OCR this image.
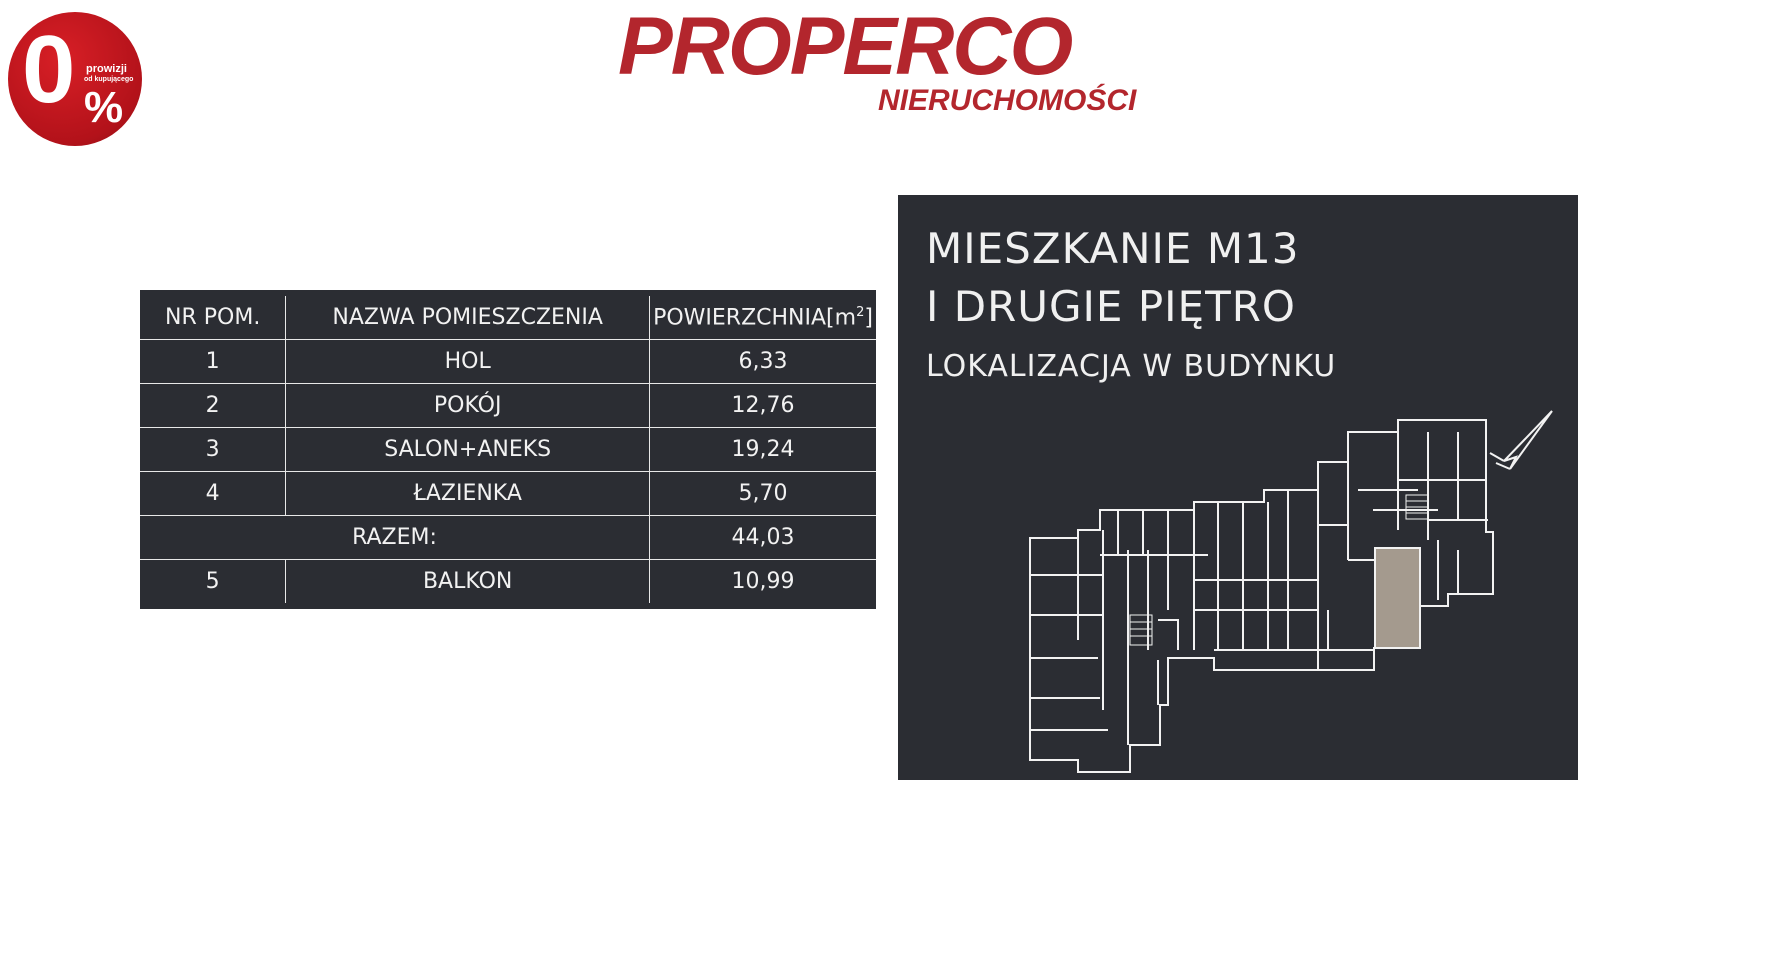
0 prowizji
od kupującego
%
PROPERCO
NIERUCHOMOŚCI
NR POM.	NAZWA POMIESZCZENIA	$POWIERZCHNIA[m^2]$
1	HOL	6,33
2	POKÓJ	12,76
3	SALON+ANEKS	19,24
4	ŁAZIENKA	5,70
RAZEM:		44,03
5	BALKON	10,99
MIESZKANIE M13
I DRUGIE PIĘTRO
LOKALIZACJA W BUDYNKU
